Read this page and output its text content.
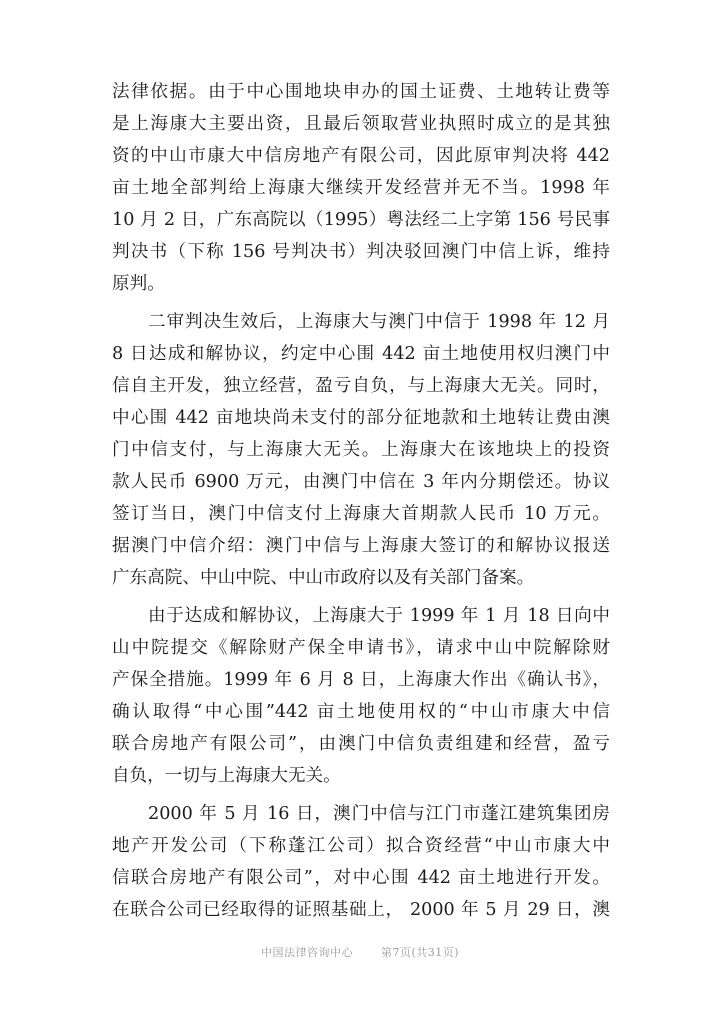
法律依据。由于中心围地块申办的国土证费、土地转让费等
是上海康大主要出资，且最后领取营业执照时成立的是其独
资的中山市康大中信房地产有限公司，因此原审判决将 442
亩土地全部判给上海康大继续开发经营并无不当。1998 年
10 月 2 日，广东高院以（1995）粤法经二上字第 156 号民事
判决书（下称 156 号判决书）判决驳回澳门中信上诉，维持
原判。
二审判决生效后，上海康大与澳门中信于 1998 年 12 月
8 日达成和解协议，约定中心围 442 亩土地使用权归澳门中
信自主开发，独立经营，盈亏自负，与上海康大无关。同时，
中心围 442 亩地块尚未支付的部分征地款和土地转让费由澳
门中信支付，与上海康大无关。上海康大在该地块上的投资
款人民币 6900 万元，由澳门中信在 3 年内分期偿还。协议
签订当日，澳门中信支付上海康大首期款人民币 10 万元。
据澳门中信介绍：澳门中信与上海康大签订的和解协议报送
广东高院、中山中院、中山市政府以及有关部门备案。
由于达成和解协议，上海康大于 1999 年 1 月 18 日向中
山中院提交《解除财产保全申请书》，请求中山中院解除财
产保全措施。1999 年 6 月 8 日，上海康大作出《确认书》，
确认取得“中心围”442 亩土地使用权的“中山市康大中信
联合房地产有限公司”，由澳门中信负责组建和经营，盈亏
自负，一切与上海康大无关。
2000 年 5 月 16 日，澳门中信与江门市蓬江建筑集团房
地产开发公司（下称蓬江公司）拟合资经营“中山市康大中
信联合房地产有限公司”，对中心围 442 亩土地进行开发。
在联合公司已经取得的证照基础上， 2000 年 5 月 29 日，澳
中国法律咨询中心	第7页(共31页)
